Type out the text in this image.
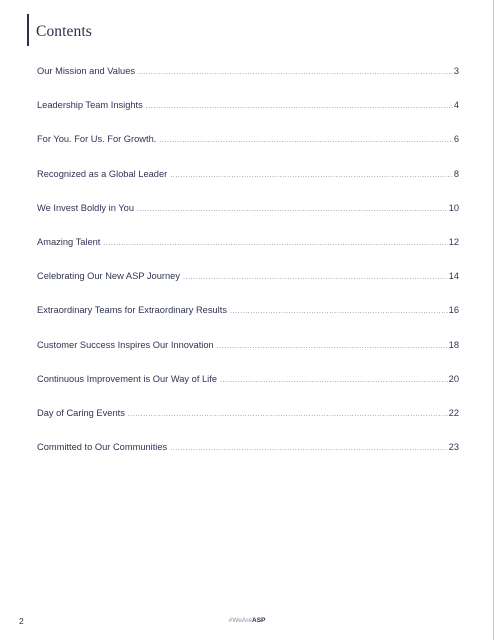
Contents
Our Mission and Values .....	3
Leadership Team Insights .....	4
For You. For Us. For Growth. .....	6
Recognized as a Global Leader .....	8
We Invest Boldly in You .....	10
Amazing Talent .....	12
Celebrating Our New ASP Journey .....	14
Extraordinary Teams for Extraordinary Results .....	16
Customer Success Inspires Our Innovation .....	18
Continuous Improvement is Our Way of Life .....	20
Day of Caring Events .....	22
Committed to Our Communities .....	23
2	#WeAreASP
